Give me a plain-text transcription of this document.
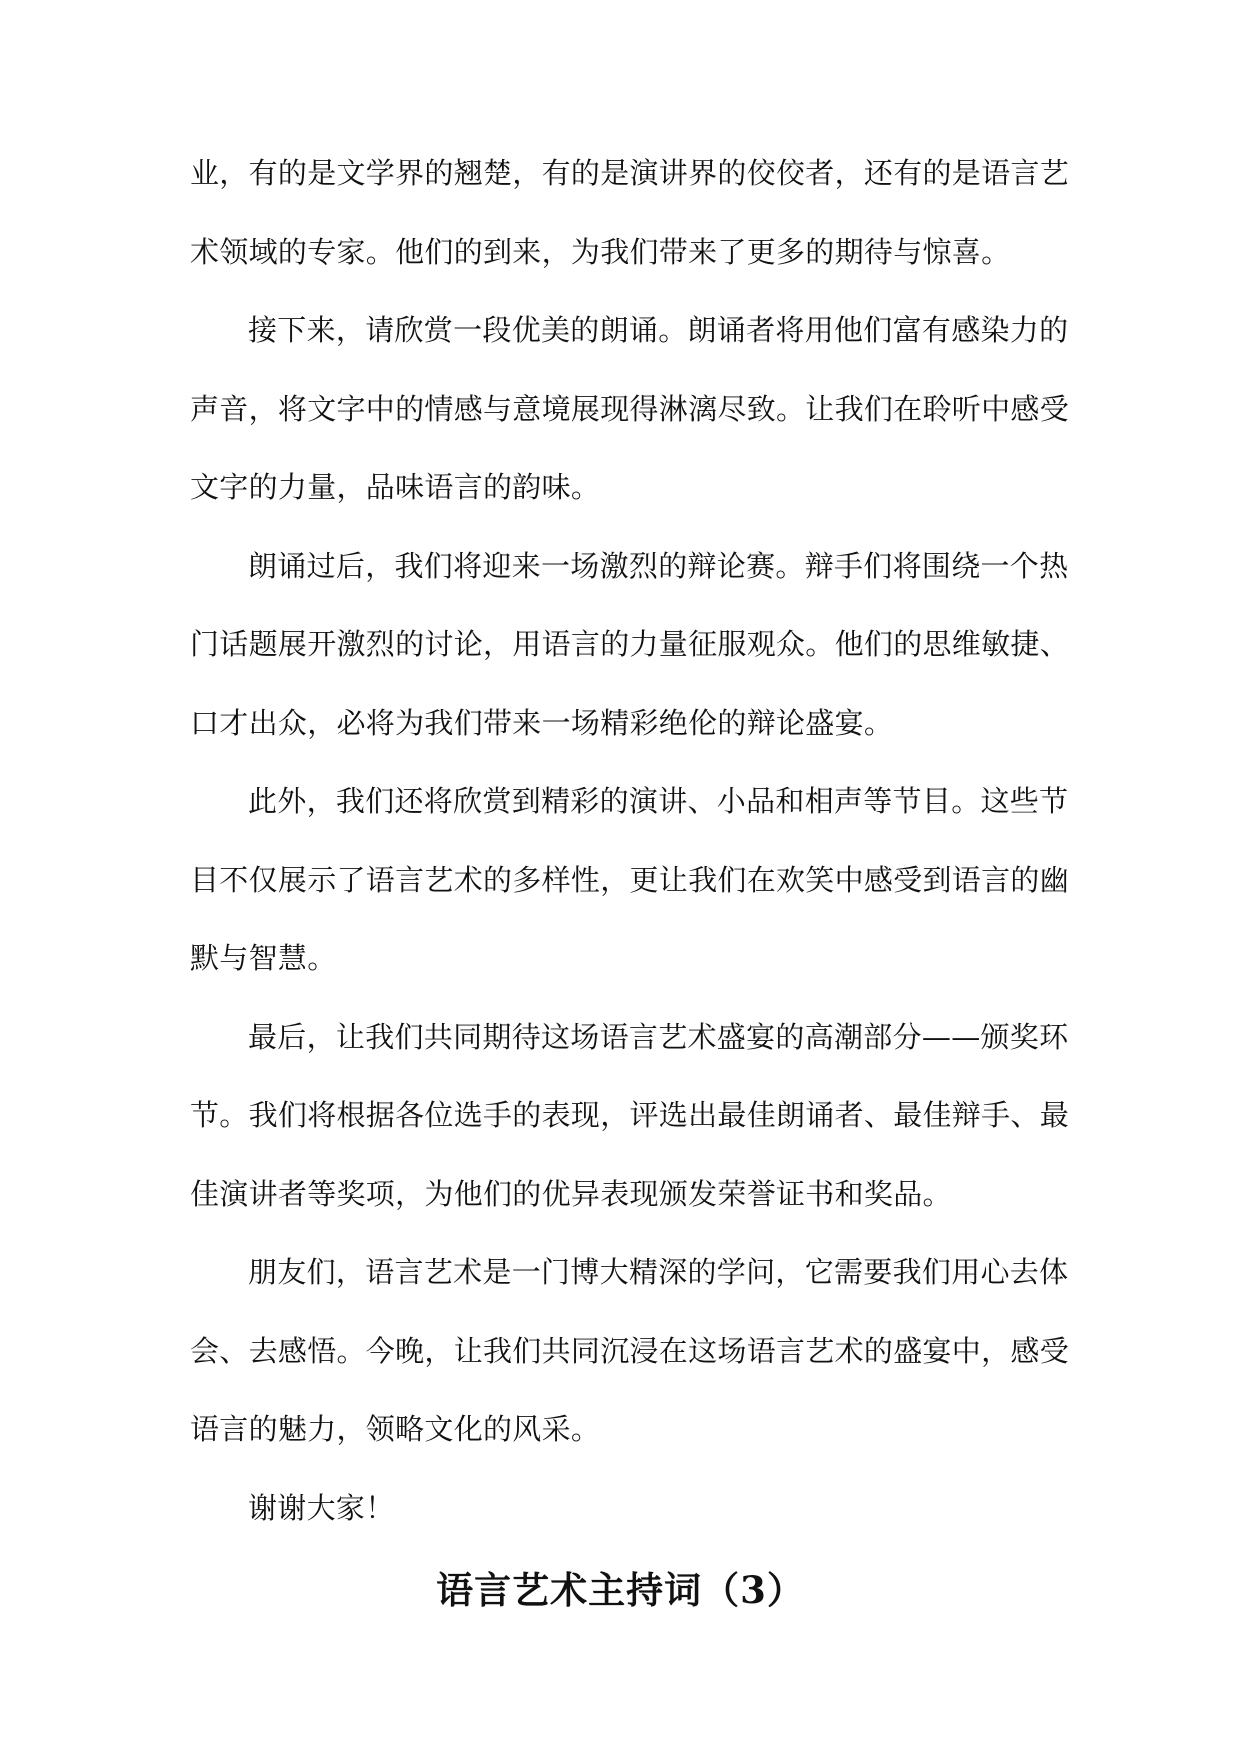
业，有的是文学界的翘楚，有的是演讲界的佼佼者，还有的是语言艺
术领域的专家。他们的到来，为我们带来了更多的期待与惊喜。
接下来，请欣赏一段优美的朗诵。朗诵者将用他们富有感染力的
声音，将文字中的情感与意境展现得淋漓尽致。让我们在聆听中感受
文字的力量，品味语言的韵味。
朗诵过后，我们将迎来一场激烈的辩论赛。辩手们将围绕一个热
门话题展开激烈的讨论，用语言的力量征服观众。他们的思维敏捷、
口才出众，必将为我们带来一场精彩绝伦的辩论盛宴。
此外，我们还将欣赏到精彩的演讲、小品和相声等节目。这些节
目不仅展示了语言艺术的多样性，更让我们在欢笑中感受到语言的幽
默与智慧。
最后，让我们共同期待这场语言艺术盛宴的高潮部分——颁奖环
节。我们将根据各位选手的表现，评选出最佳朗诵者、最佳辩手、最
佳演讲者等奖项，为他们的优异表现颁发荣誉证书和奖品。
朋友们，语言艺术是一门博大精深的学问，它需要我们用心去体
会、去感悟。今晚，让我们共同沉浸在这场语言艺术的盛宴中，感受
语言的魅力，领略文化的风采。
谢谢大家！
语言艺术主持词（3）
